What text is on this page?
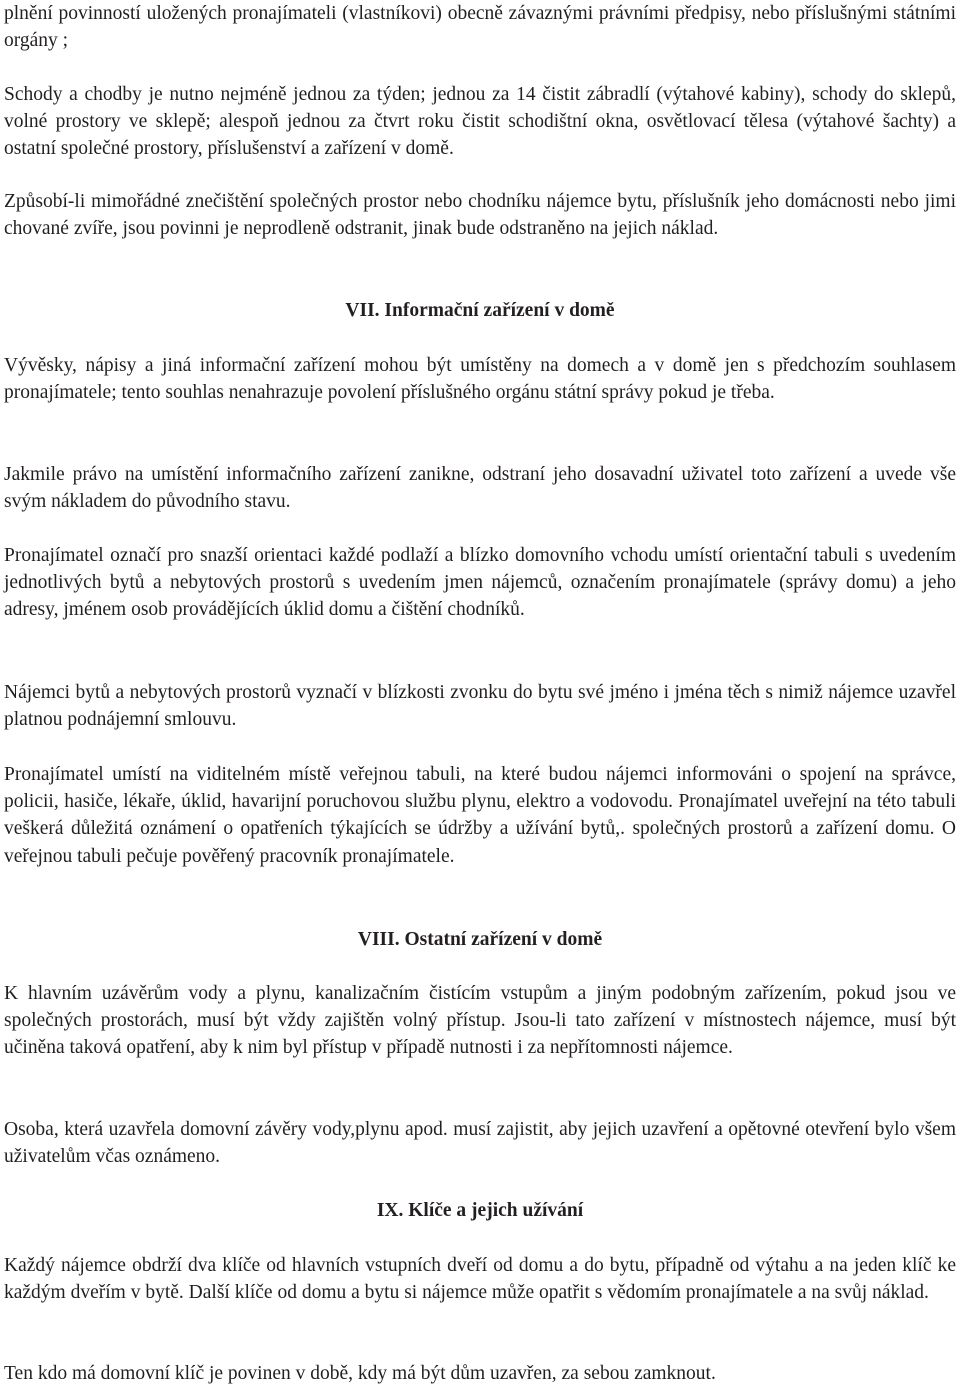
plnění povinností uložených pronajímateli (vlastníkovi) obecně závaznými právními předpisy, nebo příslušnými státními orgány ;

Schody a chodby je nutno nejméně jednou za týden; jednou za 14 čistit zábradlí (výtahové kabiny), schody do sklepů, volné prostory ve sklepě; alespoň jednou za čtvrt roku čistit schodištní okna, osvětlovací tělesa (výtahové šachty) a ostatní společné prostory, příslušenství a zařízení v domě.

Způsobí-li mimořádné znečištění společných prostor nebo chodníku nájemce bytu, příslušník jeho domácnosti nebo jimi chované zvíře, jsou povinni je neprodleně odstranit, jinak bude odstraněno na jejich náklad.

VII. Informační zařízení v domě

Vývěsky, nápisy a jiná informační zařízení mohou být umístěny na domech a v domě jen s předchozím souhlasem pronajímatele; tento souhlas nenahrazuje povolení příslušného orgánu státní správy pokud je třeba.

Jakmile právo na umístění informačního zařízení zanikne, odstraní jeho dosavadní uživatel toto zařízení a uvede vše svým nákladem do původního stavu.

Pronajímatel označí pro snazší orientaci každé podlaží a blízko domovního vchodu umístí orientační tabuli s uvedením jednotlivých bytů a nebytových prostorů s uvedením jmen nájemců, označením pronajímatele (správy domu) a jeho adresy, jménem osob provádějících úklid domu a čištění chodníků.

Nájemci bytů a nebytových prostorů vyznačí v blízkosti zvonku do bytu své jméno i jména těch s nimiž nájemce uzavřel platnou podnájemní smlouvu.

Pronajímatel umístí na viditelném místě veřejnou tabuli, na které budou nájemci informováni o spojení na správce, policii, hasiče, lékaře, úklid, havarijní poruchovou službu plynu, elektro a vodovodu. Pronajímatel uveřejní na této tabuli veškerá důležitá oznámení o opatřeních týkajících se údržby a užívání bytů,. společných prostorů a zařízení domu. O veřejnou tabuli pečuje pověřený pracovník pronajímatele.

VIII. Ostatní zařízení v domě

K hlavním uzávěrům vody a plynu, kanalizačním čistícím vstupům a jiným podobným zařízením, pokud jsou ve společných prostorách, musí být vždy zajištěn volný přístup. Jsou-li tato zařízení v místnostech nájemce, musí být učiněna taková opatření, aby k nim byl přístup v případě nutnosti i za nepřítomnosti nájemce.

Osoba, která uzavřela domovní závěry vody,plynu apod. musí zajistit, aby jejich uzavření a opětovné otevření bylo všem uživatelům včas oznámeno.

IX. Klíče a jejich užívání

Každý nájemce obdrží dva klíče od hlavních vstupních dveří od domu a do bytu, případně od výtahu a na jeden klíč ke každým dveřím v bytě. Další klíče od domu a bytu si nájemce může opatřit s vědomím pronajímatele a na svůj náklad.

Ten kdo má domovní klíč je povinen v době, kdy má být dům uzavřen, za sebou zamknout.
